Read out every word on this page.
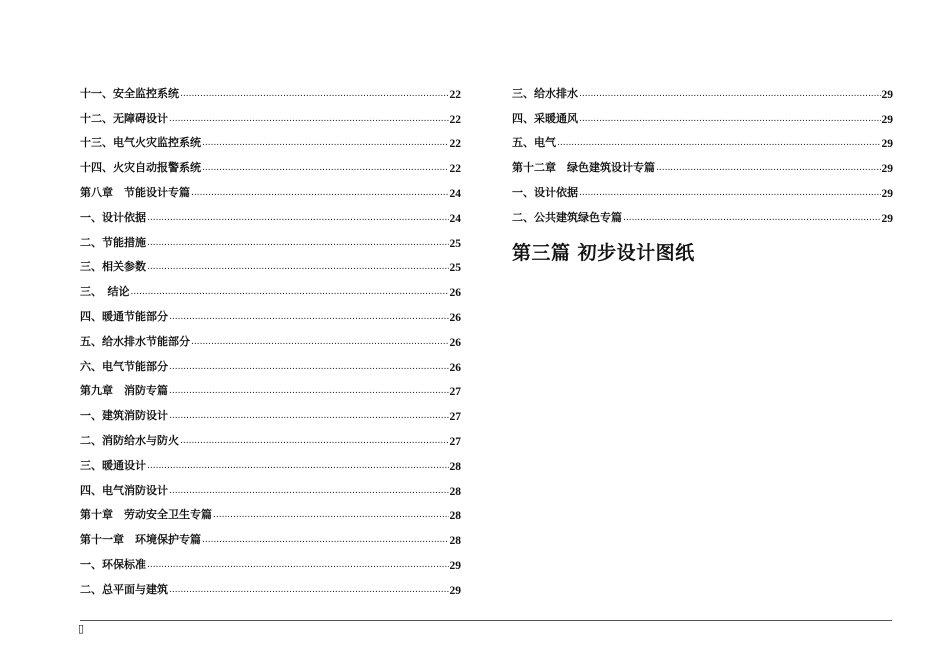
十一、安全监控系统 .....	22
十二、无障碍设计 .....	22
十三、电气火灾监控系统 .....	22
十四、火灾自动报警系统 .....	22
第八章　节能设计专篇 .....	24
一、设计依据 .....	24
二、节能措施 .....	25
三、相关参数 .....	25
三、　结论 .....	26
四、暖通节能部分 .....	26
五、给水排水节能部分 .....	26
六、电气节能部分 .....	26
第九章　消防专篇 .....	27
一、建筑消防设计 .....	27
二、消防给水与防火 .....	27
三、暖通设计 .....	28
四、电气消防设计 .....	28
第十章　劳动安全卫生专篇 .....	28
第十一章　环境保护专篇 .....	28
一、环保标准 .....	29
二、总平面与建筑 .....	29
三、给水排水 .....	29
四、采暖通风 .....	29
五、电气 .....	29
第十二章　绿色建筑设计专篇 .....	29
一、设计依据 .....	29
二、公共建筑绿色专篇 .....	29
第三篇 初步设计图纸
▯
